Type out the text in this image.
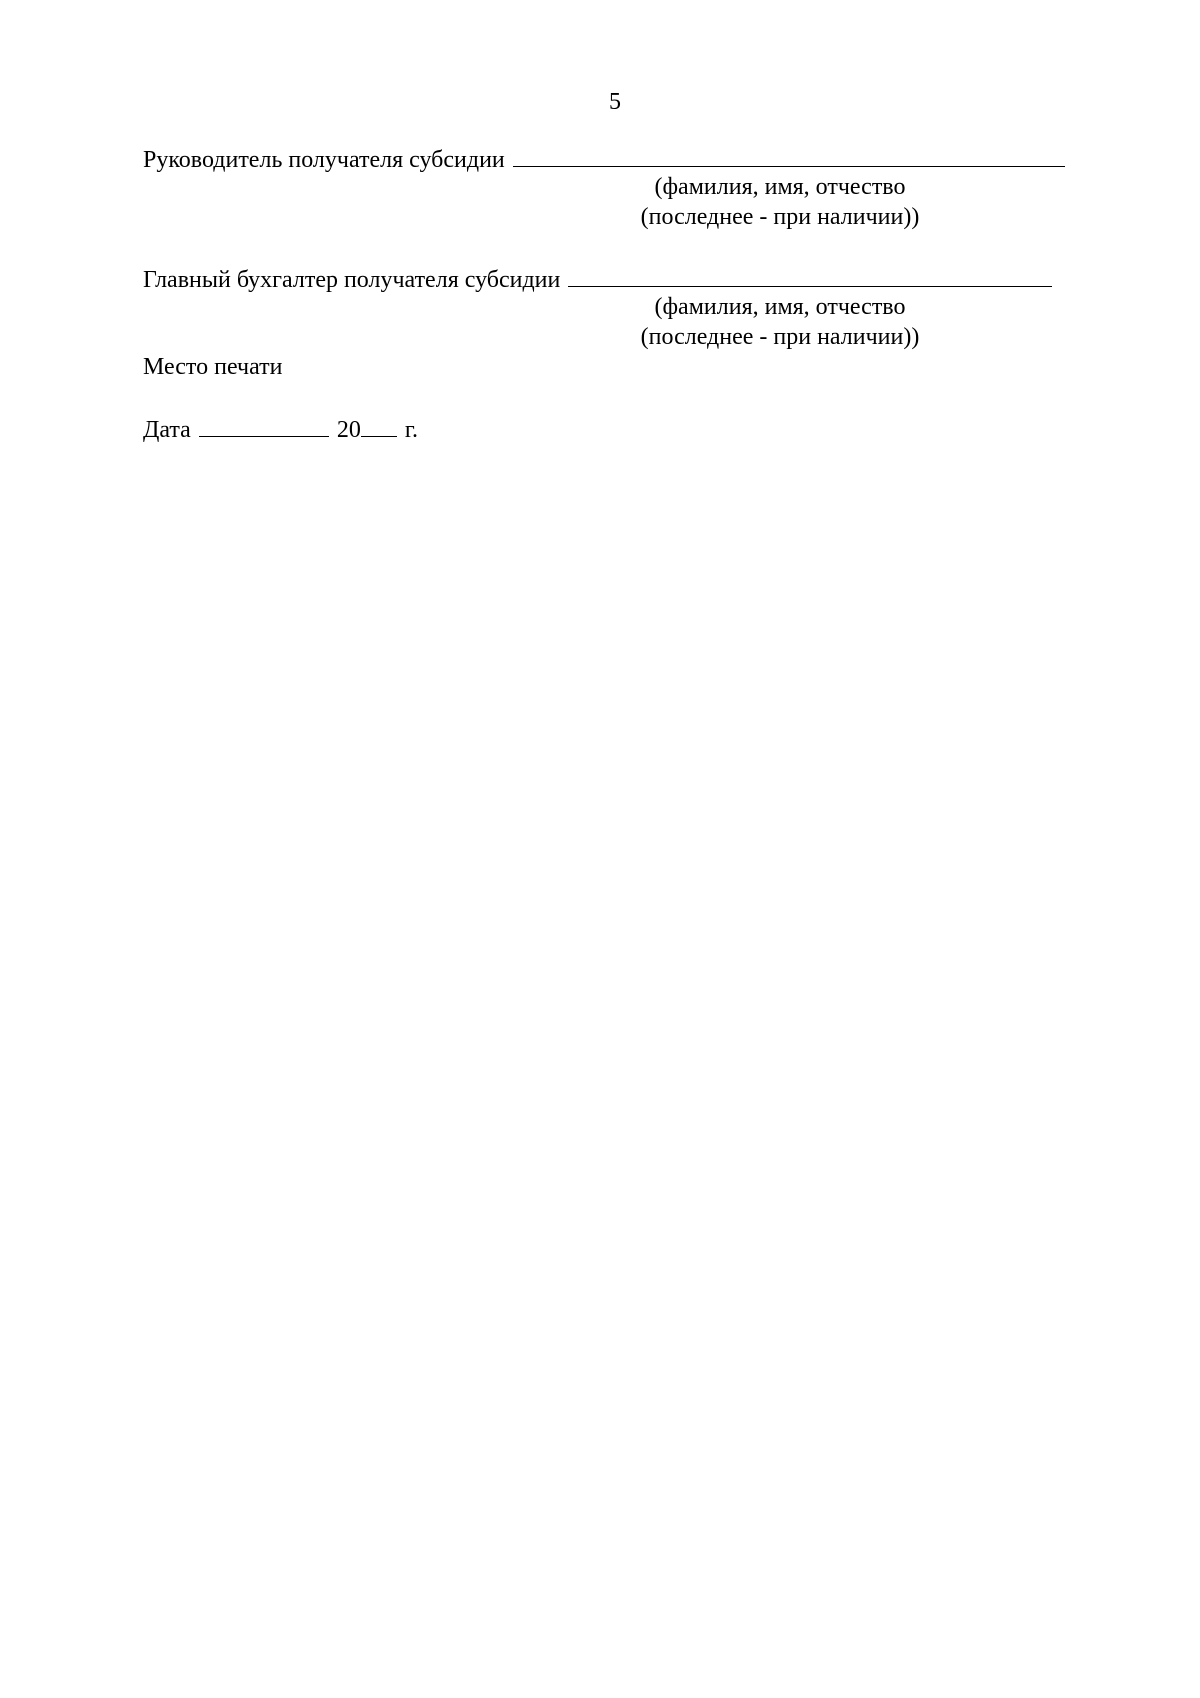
5
Руководитель получателя субсидии
(фамилия, имя, отчество
(последнее - при наличии))
Главный бухгалтер получателя субсидии
(фамилия, имя, отчество
(последнее - при наличии))
Место печати
Дата	20 г.
